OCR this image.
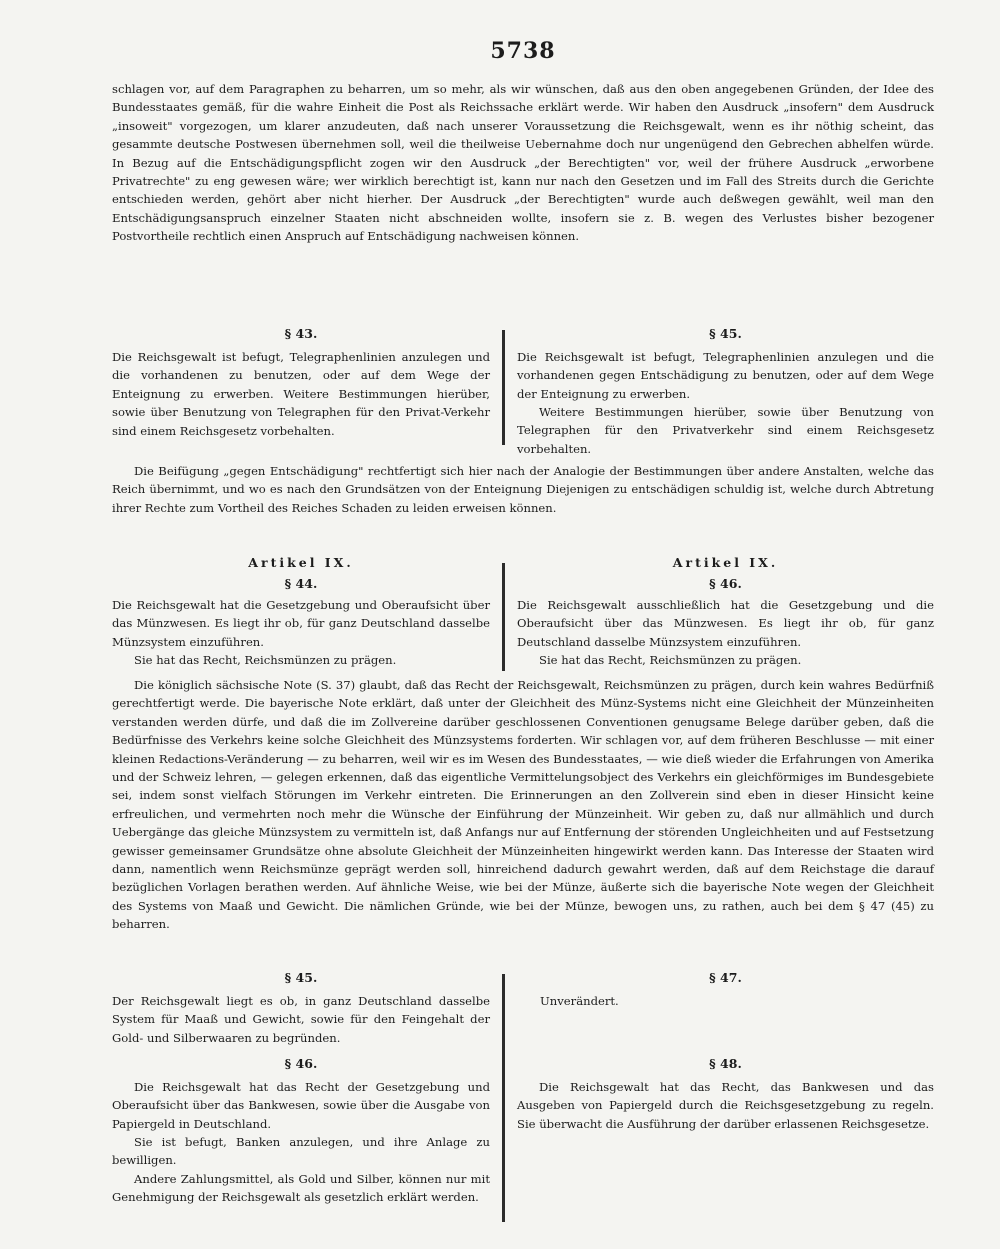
5738

schlagen vor, auf dem Paragraphen zu beharren, um so mehr, als wir wünschen, daß aus den oben angegebenen Gründen, der Idee des Bundesstaates gemäß, für die wahre Einheit die Post als Reichssache erklärt werde. Wir haben den Ausdruck „insofern" dem Ausdruck „insoweit" vorgezogen, um klarer anzudeuten, daß nach unserer Voraussetzung die Reichsgewalt, wenn es ihr nöthig scheint, das gesammte deutsche Postwesen übernehmen soll, weil die theilweise Uebernahme doch nur ungenügend den Gebrechen abhelfen würde. In Bezug auf die Entschädigungspflicht zogen wir den Ausdruck „der Berechtigten" vor, weil der frühere Ausdruck „erworbene Privatrechte" zu eng gewesen wäre; wer wirklich berechtigt ist, kann nur nach den Gesetzen und im Fall des Streits durch die Gerichte entschieden werden, gehört aber nicht hierher. Der Ausdruck „der Berechtigten" wurde auch deßwegen gewählt, weil man den Entschädigungsanspruch einzelner Staaten nicht abschneiden wollte, insofern sie z. B. wegen des Verlustes bisher bezogener Postvortheile rechtlich einen Anspruch auf Entschädigung nachweisen können.

§ 43.

Die Reichsgewalt ist befugt, Telegraphenlinien anzulegen und die vorhandenen zu benutzen, oder auf dem Wege der Enteignung zu erwerben. Weitere Bestimmungen hierüber, sowie über Benutzung von Telegraphen für den Privat-Verkehr sind einem Reichsgesetz vorbehalten.

§ 45.

Die Reichsgewalt ist befugt, Telegraphenlinien anzulegen und die vorhandenen gegen Entschädigung zu benutzen, oder auf dem Wege der Enteignung zu erwerben.

Weitere Bestimmungen hierüber, sowie über Benutzung von Telegraphen für den Privatverkehr sind einem Reichsgesetz vorbehalten.

Die Beifügung „gegen Entschädigung" rechtfertigt sich hier nach der Analogie der Bestimmungen über andere Anstalten, welche das Reich übernimmt, und wo es nach den Grundsätzen von der Enteignung Diejenigen zu entschädigen schuldig ist, welche durch Abtretung ihrer Rechte zum Vortheil des Reiches Schaden zu leiden erweisen können.

Artikel IX.

§ 44.

Die Reichsgewalt hat die Gesetzgebung und Oberaufsicht über das Münzwesen. Es liegt ihr ob, für ganz Deutschland dasselbe Münzsystem einzuführen.

Sie hat das Recht, Reichsmünzen zu prägen.

Artikel IX.

§ 46.

Die Reichsgewalt ausschließlich hat die Gesetzgebung und die Oberaufsicht über das Münzwesen. Es liegt ihr ob, für ganz Deutschland dasselbe Münzsystem einzuführen.

Sie hat das Recht, Reichsmünzen zu prägen.

Die königlich sächsische Note (S. 37) glaubt, daß das Recht der Reichsgewalt, Reichsmünzen zu prägen, durch kein wahres Bedürfniß gerechtfertigt werde. Die bayerische Note erklärt, daß unter der Gleichheit des Münz-Systems nicht eine Gleichheit der Münzeinheiten verstanden werden dürfe, und daß die im Zollvereine darüber geschlossenen Conventionen genugsame Belege darüber geben, daß die Bedürfnisse des Verkehrs keine solche Gleichheit des Münzsystems forderten. Wir schlagen vor, auf dem früheren Beschlusse — mit einer kleinen Redactions-Veränderung — zu beharren, weil wir es im Wesen des Bundesstaates, — wie dieß wieder die Erfahrungen von Amerika und der Schweiz lehren, — gelegen erkennen, daß das eigentliche Vermittelungsobject des Verkehrs ein gleichförmiges im Bundesgebiete sei, indem sonst vielfach Störungen im Verkehr eintreten. Die Erinnerungen an den Zollverein sind eben in dieser Hinsicht keine erfreulichen, und vermehrten noch mehr die Wünsche der Einführung der Münzeinheit. Wir geben zu, daß nur allmählich und durch Uebergänge das gleiche Münzsystem zu vermitteln ist, daß Anfangs nur auf Entfernung der störenden Ungleichheiten und auf Festsetzung gewisser gemeinsamer Grundsätze ohne absolute Gleichheit der Münzeinheiten hingewirkt werden kann. Das Interesse der Staaten wird dann, namentlich wenn Reichsmünze geprägt werden soll, hinreichend dadurch gewahrt werden, daß auf dem Reichstage die darauf bezüglichen Vorlagen berathen werden. Auf ähnliche Weise, wie bei der Münze, äußerte sich die bayerische Note wegen der Gleichheit des Systems von Maaß und Gewicht. Die nämlichen Gründe, wie bei der Münze, bewogen uns, zu rathen, auch bei dem § 47 (45) zu beharren.

§ 45.

Der Reichsgewalt liegt es ob, in ganz Deutschland dasselbe System für Maaß und Gewicht, sowie für den Feingehalt der Gold- und Silberwaaren zu begründen.

§ 47.

Unverändert.

§ 46.

Die Reichsgewalt hat das Recht der Gesetzgebung und Oberaufsicht über das Bankwesen, sowie über die Ausgabe von Papiergeld in Deutschland.

Sie ist befugt, Banken anzulegen, und ihre Anlage zu bewilligen.

Andere Zahlungsmittel, als Gold und Silber, können nur mit Genehmigung der Reichsgewalt als gesetzlich erklärt werden.

§ 48.

Die Reichsgewalt hat das Recht, das Bankwesen und das Ausgeben von Papiergeld durch die Reichsgesetzgebung zu regeln. Sie überwacht die Ausführung der darüber erlassenen Reichsgesetze.
